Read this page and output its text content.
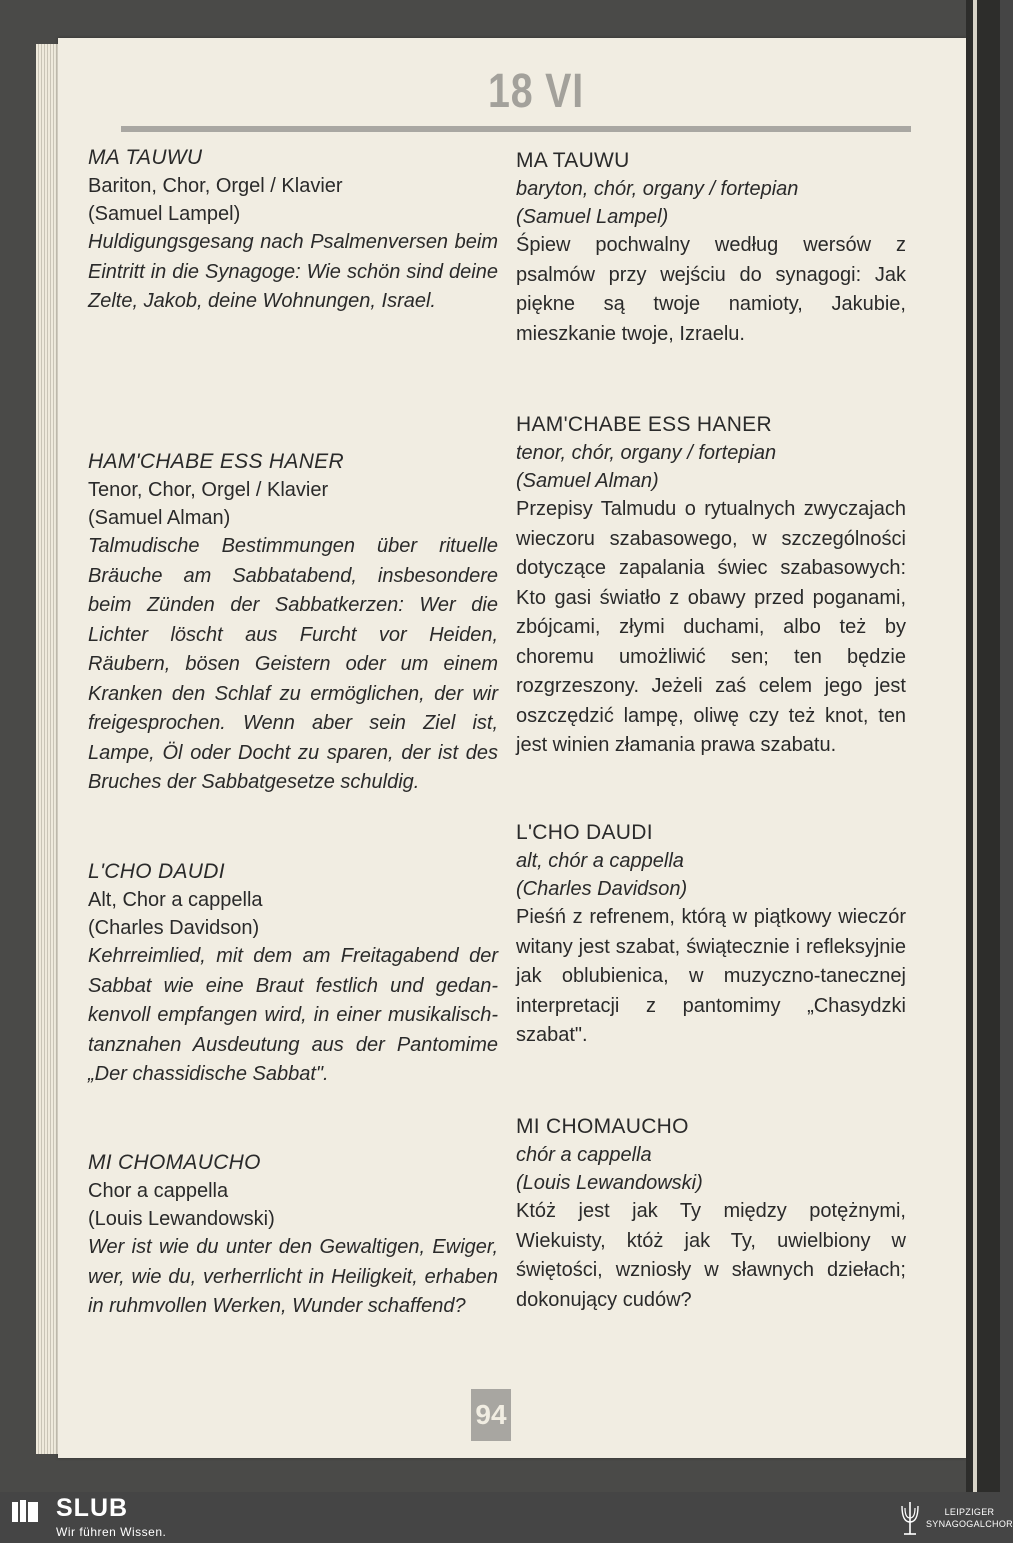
18 VI
MA TAUWU
Bariton, Chor, Orgel / Klavier
(Samuel Lampel)
Huldigungsgesang nach Psalmenversen beim Eintritt in die Synagoge: Wie schön sind deine Zelte, Jakob, deine Wohnungen, Israel.
HAM'CHABE ESS HANER
Tenor, Chor, Orgel / Klavier
(Samuel Alman)
Talmudische Bestimmungen über rituelle Bräuche am Sabbatabend, insbesondere beim Zünden der Sabbatkerzen: Wer die Lichter löscht aus Furcht vor Heiden, Räubern, bösen Geistern oder um einem Kranken den Schlaf zu ermöglichen, der wir freigesprochen. Wenn aber sein Ziel ist, Lampe, Öl oder Docht zu sparen, der ist des Bruches der Sabbatgesetze schuldig.
L'CHO DAUDI
Alt, Chor a cappella
(Charles Davidson)
Kehrreimlied, mit dem am Freitagabend der Sabbat wie eine Braut festlich und gedan-kenvoll empfangen wird, in einer musikalisch-tanznahen Ausdeutung aus der Pantomime „Der chassidische Sabbat".
MI CHOMAUCHO
Chor a cappella
(Louis Lewandowski)
Wer ist wie du unter den Gewaltigen, Ewiger, wer, wie du, verherrlicht in Heiligkeit, erhaben in ruhmvollen Werken, Wunder schaffend?
MA TAUWU
baryton, chór, organy / fortepian
(Samuel Lampel)
Śpiew pochwalny według wersów z psalmów przy wejściu do synagogi: Jak piękne są twoje namioty, Jakubie, mieszkanie twoje, Izraelu.
HAM'CHABE ESS HANER
tenor, chór, organy / fortepian
(Samuel Alman)
Przepisy Talmudu o rytualnych zwyczajach wieczoru szabasowego, w szczególności dotyczące zapalania świec szabasowych: Kto gasi światło z obawy przed poganami, zbójcami, złymi duchami, albo też by choremu umożliwić sen; ten będzie rozgrzeszony. Jeżeli zaś celem jego jest oszczędzić lampę, oliwę czy też knot, ten jest winien złamania prawa szabatu.
L'CHO DAUDI
alt, chór a cappella
(Charles Davidson)
Pieśń z refrenem, którą w piątkowy wieczór witany jest szabat, świątecznie i refleksyjnie jak oblubienica, w muzyczno-tanecznej interpretacji z pantomimy „Chasydzki szabat".
MI CHOMAUCHO
chór a cappella
(Louis Lewandowski)
Któż jest jak Ty między potężnymi, Wiekuisty, któż jak Ty, uwielbiony w świętości, wzniosły w sławnych dziełach; dokonujący cudów?
94
SLUB
Wir führen Wissen.
LEIPZIGER
SYNAGOGALCHOR
